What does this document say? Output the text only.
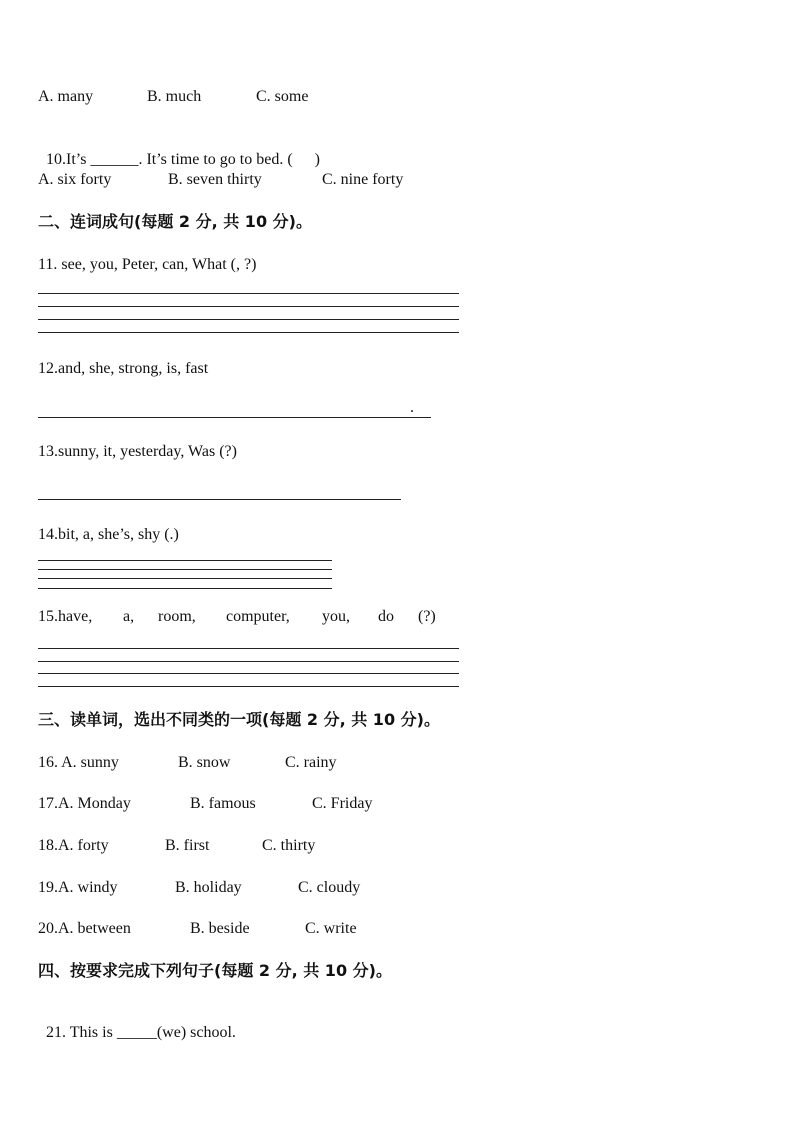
A. many	B. much	C. some

10.It’s ______. It’s time to go to bed. ( )

A. six forty	B. seven thirty	C. nine forty
二、连词成句(每题 2 分, 共 10 分)。
11. see, you, Peter, can, What (, ?)
12.and, she, strong, is, fast
.
13.sunny, it, yesterday, Was (?)
14.bit, a, she’s, shy (.)
15.have, a, room, computer, you, do (?)
三、读单词，选出不同类的一项(每题 2 分, 共 10 分)。
16. A. sunny	B. snow	C. rainy
17.A. Monday	B. famous	C. Friday
18.A. forty	B. first	C. thirty
19.A. windy	B. holiday	C. cloudy
20.A. between	B. beside	C. write
四、按要求完成下列句子(每题 2 分, 共 10 分)。

21. This is _____(we) school.
